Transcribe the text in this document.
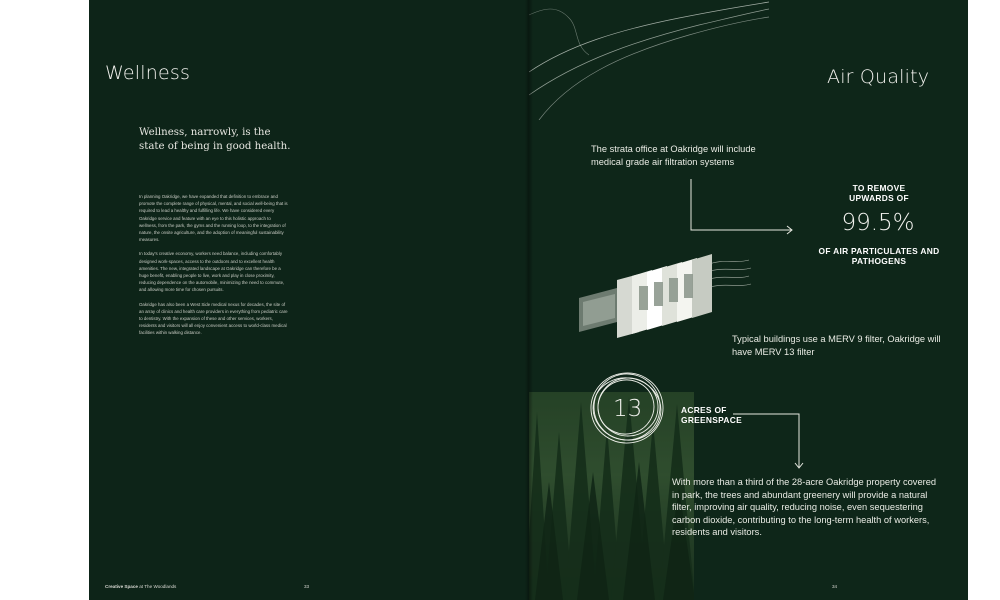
Wellness
Wellness, narrowly, is the state of being in good health.

In planning Oakridge, we have expanded that definition to embrace and promote the complete range of physical, mental, and social well-being that is required to lead a healthy and fulfilling life. We have considered every Oakridge service and feature with an eye to this holistic approach to wellness, from the park, the gyms and the running loop, to the integration of nature, the onsite agriculture, and the adoption of meaningful sustainability measures.

In today's creative economy, workers need balance, including comfortably designed work-spaces, access to the outdoors and to excellent health amenities. The new, integrated landscape at Oakridge can therefore be a huge benefit, enabling people to live, work and play in close proximity, reducing dependence on the automobile, minimizing the need to commute, and allowing more time for chosen pursuits.

Oakridge has also been a West Side medical nexus for decades, the site of an array of clinics and health care providers in everything from pediatric care to dentistry. With the expansion of these and other services, workers, residents and visitors will all enjoy convenient access to world-class medical facilities within walking distance.

Creative Space at The Woodlands	33
Air Quality
The strata office at Oakridge will include medical grade air filtration systems
TO REMOVE UPWARDS OF
99.5%
OF AIR PARTICULATES AND PATHOGENS
Typical buildings use a MERV 9 filter, Oakridge will have MERV 13 filter
13	ACRES OF GREENSPACE
With more than a third of the 28-acre Oakridge property covered in park, the trees and abundant greenery will provide a natural filter, improving air quality, reducing noise, even sequestering carbon dioxide, contributing to the long-term health of workers, residents and visitors.
34
